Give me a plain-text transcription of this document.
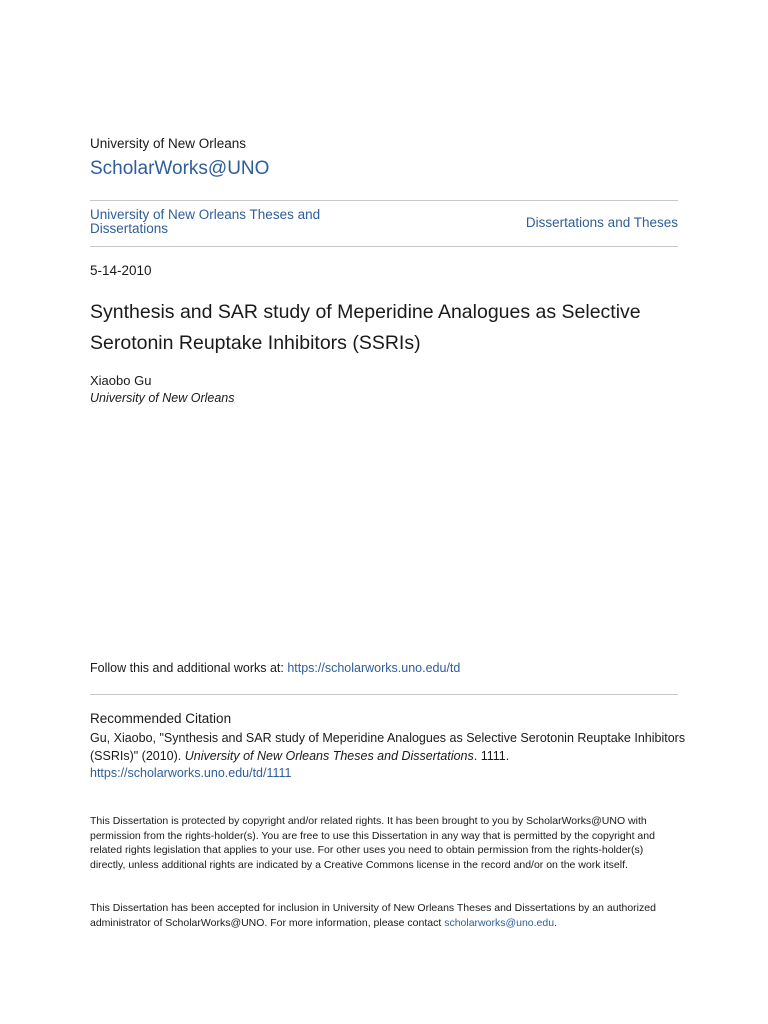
University of New Orleans
ScholarWorks@UNO
University of New Orleans Theses and Dissertations	Dissertations and Theses
5-14-2010
Synthesis and SAR study of Meperidine Analogues as Selective Serotonin Reuptake Inhibitors (SSRIs)
Xiaobo Gu
University of New Orleans
Follow this and additional works at: https://scholarworks.uno.edu/td
Recommended Citation
Gu, Xiaobo, "Synthesis and SAR study of Meperidine Analogues as Selective Serotonin Reuptake Inhibitors (SSRIs)" (2010). University of New Orleans Theses and Dissertations. 1111.
https://scholarworks.uno.edu/td/1111
This Dissertation is protected by copyright and/or related rights. It has been brought to you by ScholarWorks@UNO with permission from the rights-holder(s). You are free to use this Dissertation in any way that is permitted by the copyright and related rights legislation that applies to your use. For other uses you need to obtain permission from the rights-holder(s) directly, unless additional rights are indicated by a Creative Commons license in the record and/or on the work itself.
This Dissertation has been accepted for inclusion in University of New Orleans Theses and Dissertations by an authorized administrator of ScholarWorks@UNO. For more information, please contact scholarworks@uno.edu.
